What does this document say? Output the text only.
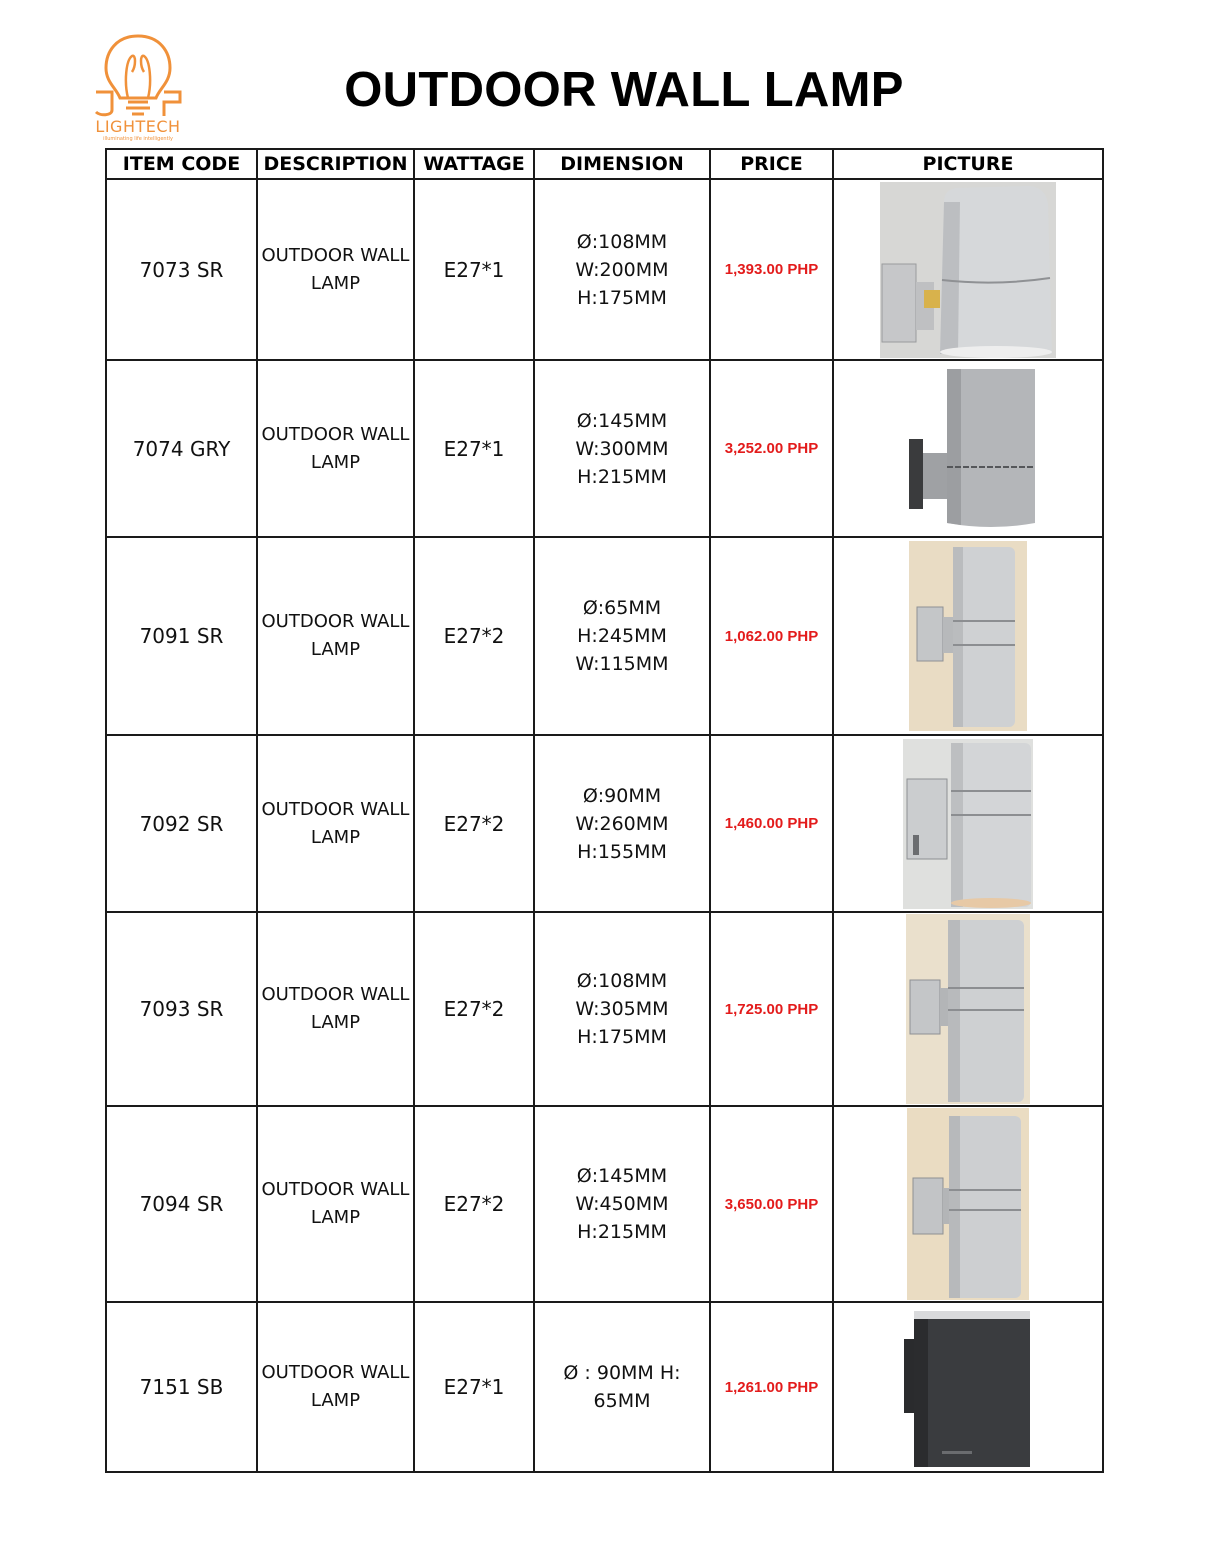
LIGHTECH
illuminating life intelligently
OUTDOOR WALL LAMP
ITEM CODE	DESCRIPTION	WATTAGE	DIMENSION	PRICE	PICTURE
7073 SR	OUTDOOR WALL LAMP	E27*1	Ø:108MM
W:200MM
H:175MM	1,393.00 PHP	

7074 GRY	OUTDOOR WALL LAMP	E27*1	Ø:145MM
W:300MM
H:215MM	3,252.00 PHP	

7091 SR	OUTDOOR WALL LAMP	E27*2	Ø:65MM
H:245MM
W:115MM	1,062.00 PHP	

7092 SR	OUTDOOR WALL LAMP	E27*2	Ø:90MM
W:260MM
H:155MM	1,460.00 PHP	

7093 SR	OUTDOOR WALL LAMP	E27*2	Ø:108MM
W:305MM
H:175MM	1,725.00 PHP	

7094 SR	OUTDOOR WALL LAMP	E27*2	Ø:145MM
W:450MM
H:215MM	3,650.00 PHP	

7151 SB	OUTDOOR WALL LAMP	E27*1	Ø : 90MM H:
65MM	1,261.00 PHP	
